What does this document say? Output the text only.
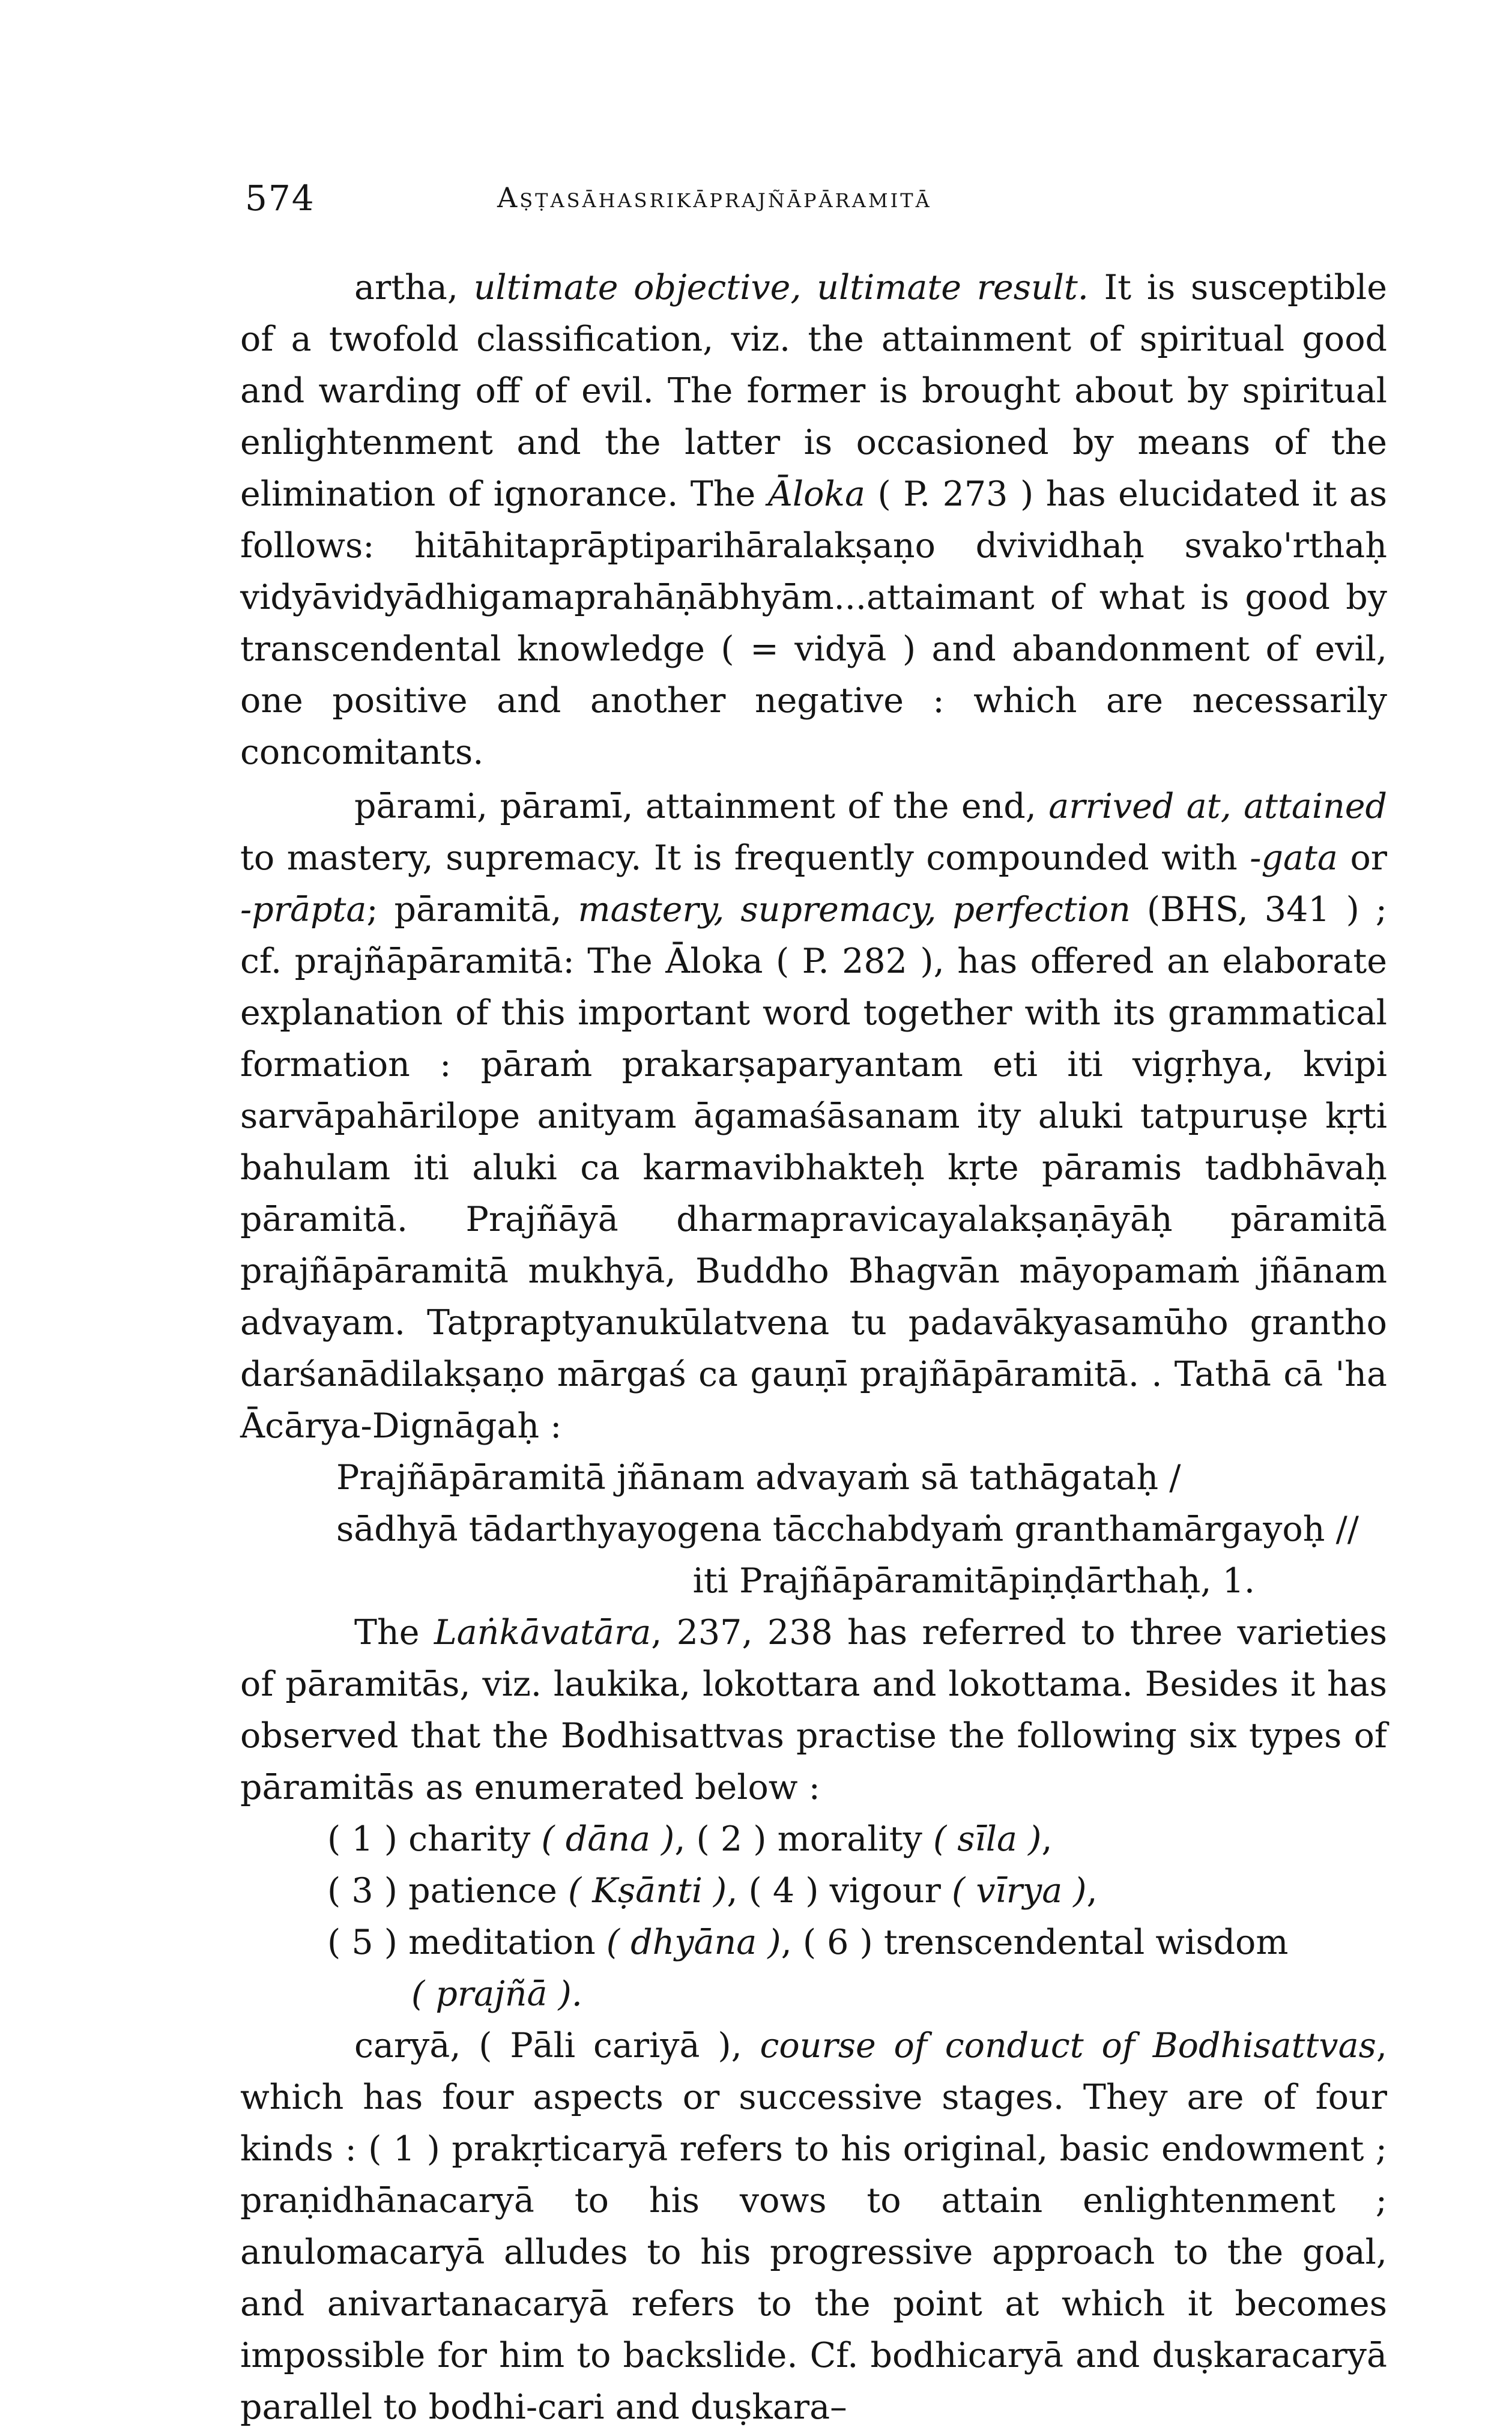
574	Aṣṭasāhasrikāprajñāpāramitā

artha, ultimate objective, ultimate result. It is susceptible of a twofold classification, viz. the attainment of spiritual good and warding off of evil. The former is brought about by spiritual enlightenment and the latter is occasioned by means of the elimination of ignorance. The Āloka ( P. 273 ) has elucidated it as follows: hitāhitaprāptiparihāralakṣaṇo dvividhaḥ svako'rthaḥ vidyāvidyādhigamaprahāṇābhyām...attaimant of what is good by transcendental knowledge ( = vidyā ) and abandonment of evil, one positive and another negative : which are necessarily concomitants.

pārami, pāramī, attainment of the end, arrived at, attained to mastery, supremacy. It is frequently compounded with -gata or -prāpta; pāramitā, mastery, supremacy, perfection (BHS, 341 ) ; cf. prajñāpāramitā: The Āloka ( P. 282 ), has offered an elaborate explanation of this important word together with its grammatical formation : pāraṁ prakarṣaparyantam eti iti vigṛhya, kvipi sarvāpahārilope anityam āgamaśāsanam ity aluki tatpuruṣe kṛti bahulam iti aluki ca karmavibhakteḥ kṛte pāramis tadbhāvaḥ pāramitā. Prajñāyā dharmapravicayalakṣaṇāyāḥ pāramitā prajñāpāramitā mukhyā, Buddho Bhagvān māyopamaṁ jñānam advayam. Tatpraptyanukūlatvena tu padavākyasamūho grantho darśanādilakṣaṇo mārgaś ca gauṇī prajñāpāramitā. . Tathā cā 'ha Ācārya-Dignāgaḥ :

Prajñāpāramitā jñānam advayaṁ sā tathāgataḥ /
sādhyā tādarthyayogena tācchabdyaṁ granthamārgayoḥ //
iti Prajñāpāramitāpiṇḍārthaḥ, 1.

The Laṅkāvatāra, 237, 238 has referred to three varieties of pāramitās, viz. laukika, lokottara and lokottama. Besides it has observed that the Bodhisattvas practise the following six types of pāramitās as enumerated below :

( 1 ) charity ( dāna ), ( 2 ) morality ( sīla ),
( 3 ) patience ( Kṣānti ), ( 4 ) vigour ( vīrya ),
( 5 ) meditation ( dhyāna ), ( 6 ) trenscendental wisdom
( prajñā ).

caryā, ( Pāli cariyā ), course of conduct of Bodhisattvas, which has four aspects or successive stages. They are of four kinds : ( 1 ) prakṛticaryā refers to his original, basic endowment ; praṇidhānacaryā to his vows to attain enlightenment ; anulomacaryā alludes to his progressive approach to the goal, and anivartanacaryā refers to the point at which it becomes impossible for him to backslide. Cf. bodhicaryā and duṣkaracaryā parallel to bodhi-cari and duṣkara–
